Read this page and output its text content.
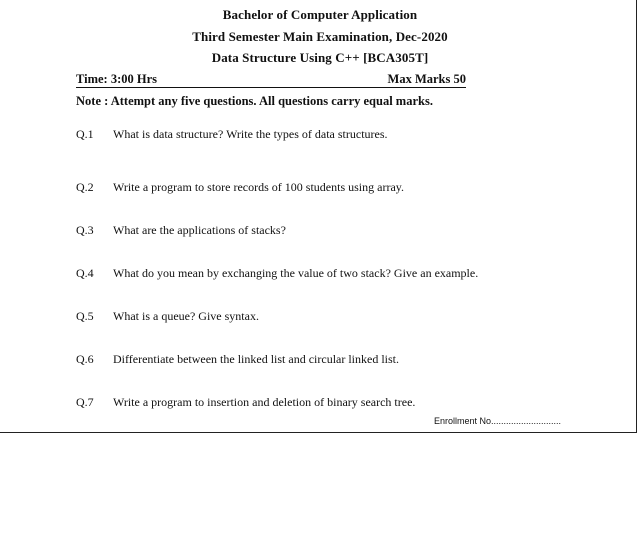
Bachelor of Computer Application
Third Semester Main Examination, Dec-2020
Data Structure Using C++ [BCA305T]
Time: 3:00 Hrs	Max Marks 50
Note : Attempt any five questions. All questions carry equal marks.
Q.1 What is data structure? Write the types of data structures.
Q.2 Write a program to store records of 100 students using array.
Q.3 What are the applications of stacks?
Q.4 What do you mean by exchanging the value of two stack? Give an example.
Q.5 What is a queue? Give syntax.
Q.6 Differentiate between the linked list and circular linked list.
Q.7 Write a program to insertion and deletion of binary search tree.
Enrollment No............................
